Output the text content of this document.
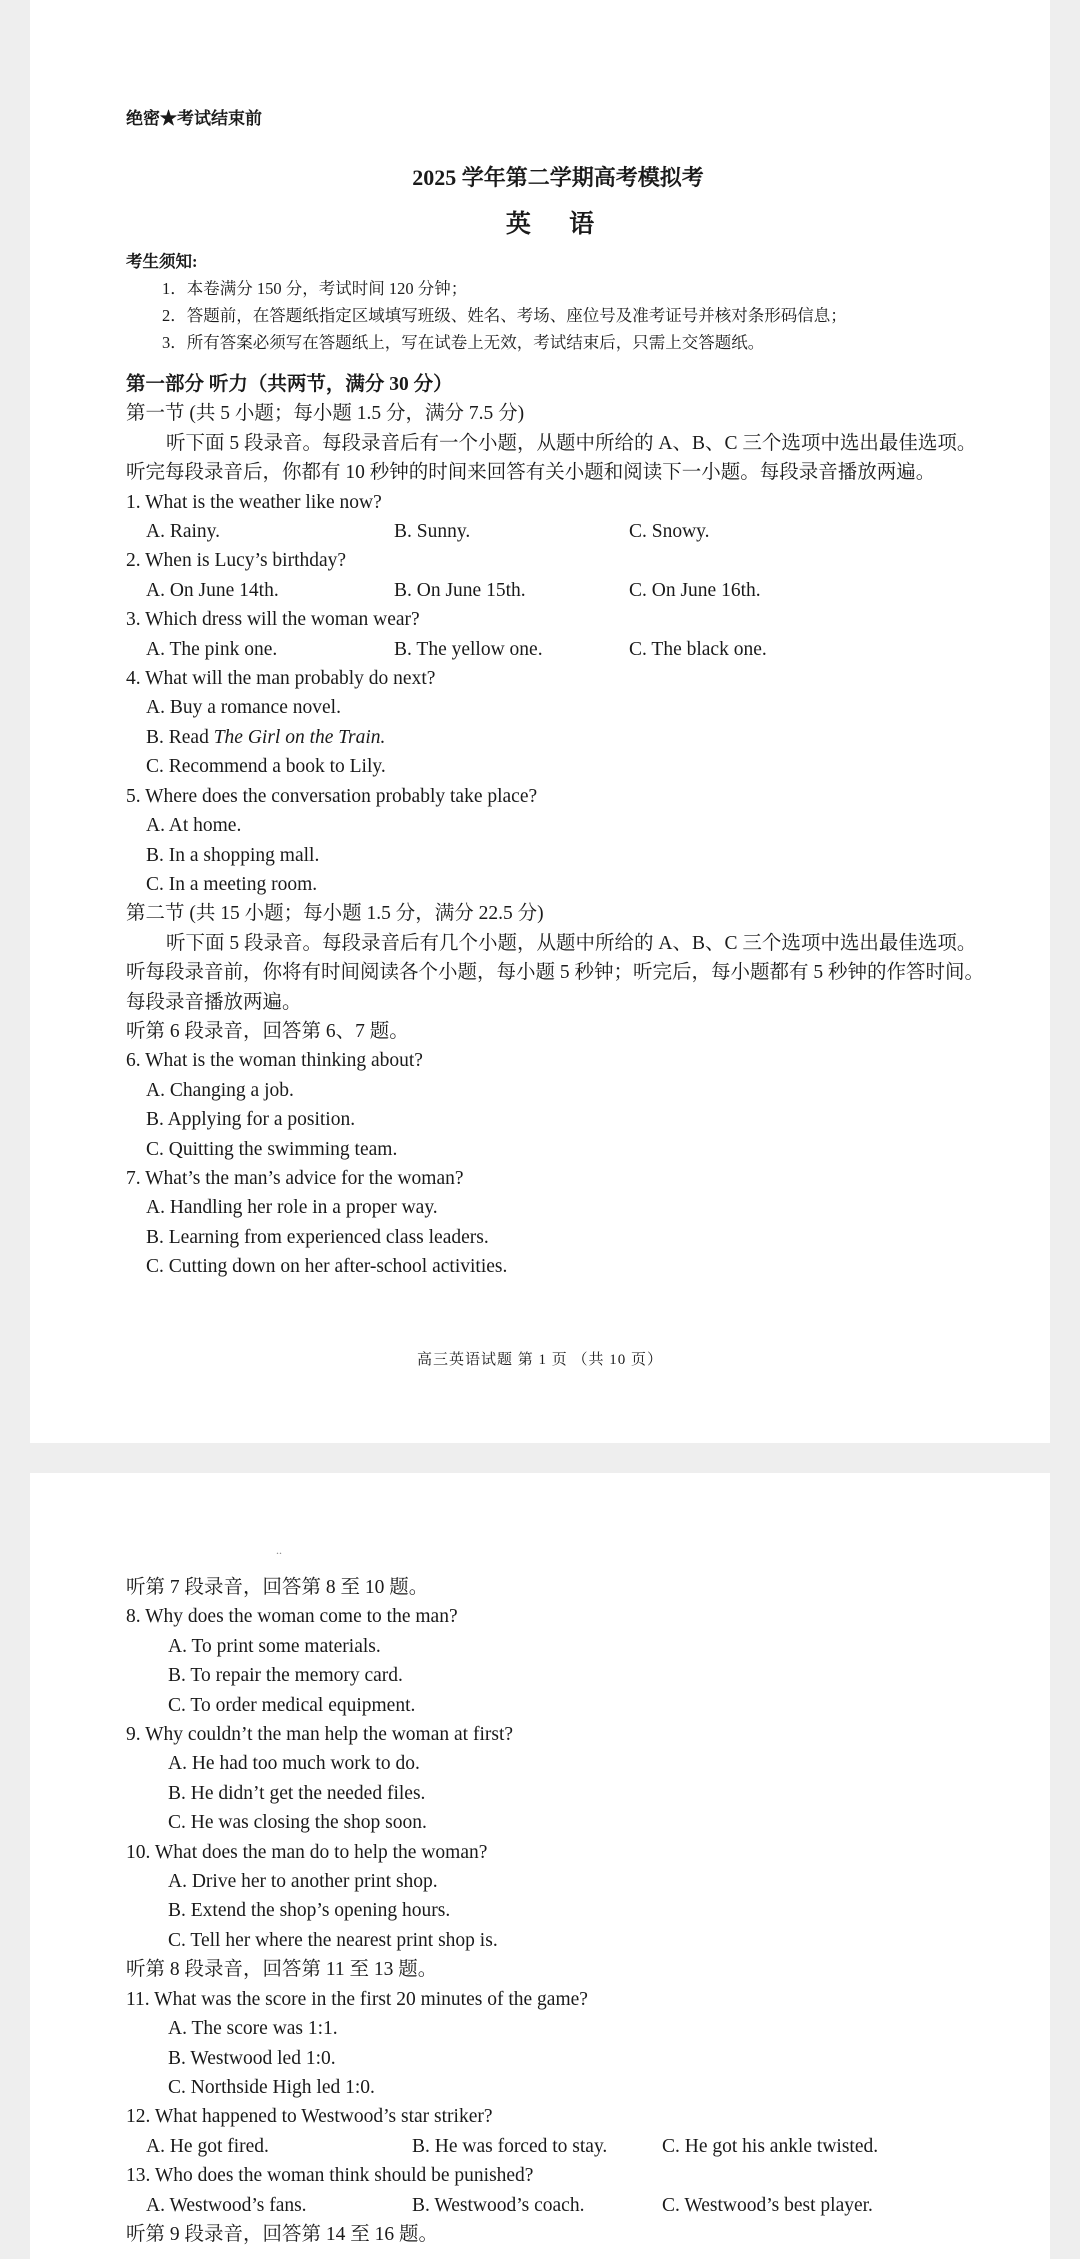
绝密★考试结束前
2025 学年第二学期高考模拟考
英 语
考生须知:
1．本卷满分 150 分，考试时间 120 分钟；
2．答题前，在答题纸指定区域填写班级、姓名、考场、座位号及准考证号并核对条形码信息；
3．所有答案必须写在答题纸上，写在试卷上无效，考试结束后，只需上交答题纸。
第一部分 听力（共两节，满分 30 分）
第一节 (共 5 小题；每小题 1.5 分，满分 7.5 分)
听下面 5 段录音。每段录音后有一个小题，从题中所给的 A、B、C 三个选项中选出最佳选项。听完每段录音后，你都有 10 秒钟的时间来回答有关小题和阅读下一小题。每段录音播放两遍。
1. What is the weather like now?
A. Rainy.	B. Sunny.	C. Snowy.
2. When is Lucy’s birthday?
A. On June 14th.	B. On June 15th.	C. On June 16th.
3. Which dress will the woman wear?
A. The pink one.	B. The yellow one.	C. The black one.
4. What will the man probably do next?
A. Buy a romance novel.
B. Read The Girl on the Train.
C. Recommend a book to Lily.
5. Where does the conversation probably take place?
A. At home.
B. In a shopping mall.
C. In a meeting room.
第二节 (共 15 小题；每小题 1.5 分，满分 22.5 分)
听下面 5 段录音。每段录音后有几个小题，从题中所给的 A、B、C 三个选项中选出最佳选项。听每段录音前，你将有时间阅读各个小题，每小题 5 秒钟；听完后，每小题都有 5 秒钟的作答时间。每段录音播放两遍。
听第 6 段录音，回答第 6、7 题。
6. What is the woman thinking about?
A. Changing a job.
B. Applying for a position.
C. Quitting the swimming team.
7. What’s the man’s advice for the woman?
A. Handling her role in a proper way.
B. Learning from experienced class leaders.
C. Cutting down on her after-school activities.
高三英语试题 第 1 页 （共 10 页）
..
听第 7 段录音，回答第 8 至 10 题。
8. Why does the woman come to the man?
A. To print some materials.
B. To repair the memory card.
C. To order medical equipment.
9. Why couldn’t the man help the woman at first?
A. He had too much work to do.
B. He didn’t get the needed files.
C. He was closing the shop soon.
10. What does the man do to help the woman?
A. Drive her to another print shop.
B. Extend the shop’s opening hours.
C. Tell her where the nearest print shop is.
听第 8 段录音，回答第 11 至 13 题。
11. What was the score in the first 20 minutes of the game?
A. The score was 1:1.
B. Westwood led 1:0.
C. Northside High led 1:0.
12. What happened to Westwood’s star striker?
A. He got fired.	B. He was forced to stay.	C. He got his ankle twisted.
13. Who does the woman think should be punished?
A. Westwood’s fans.	B. Westwood’s coach.	C. Westwood’s best player.
听第 9 段录音，回答第 14 至 16 题。
